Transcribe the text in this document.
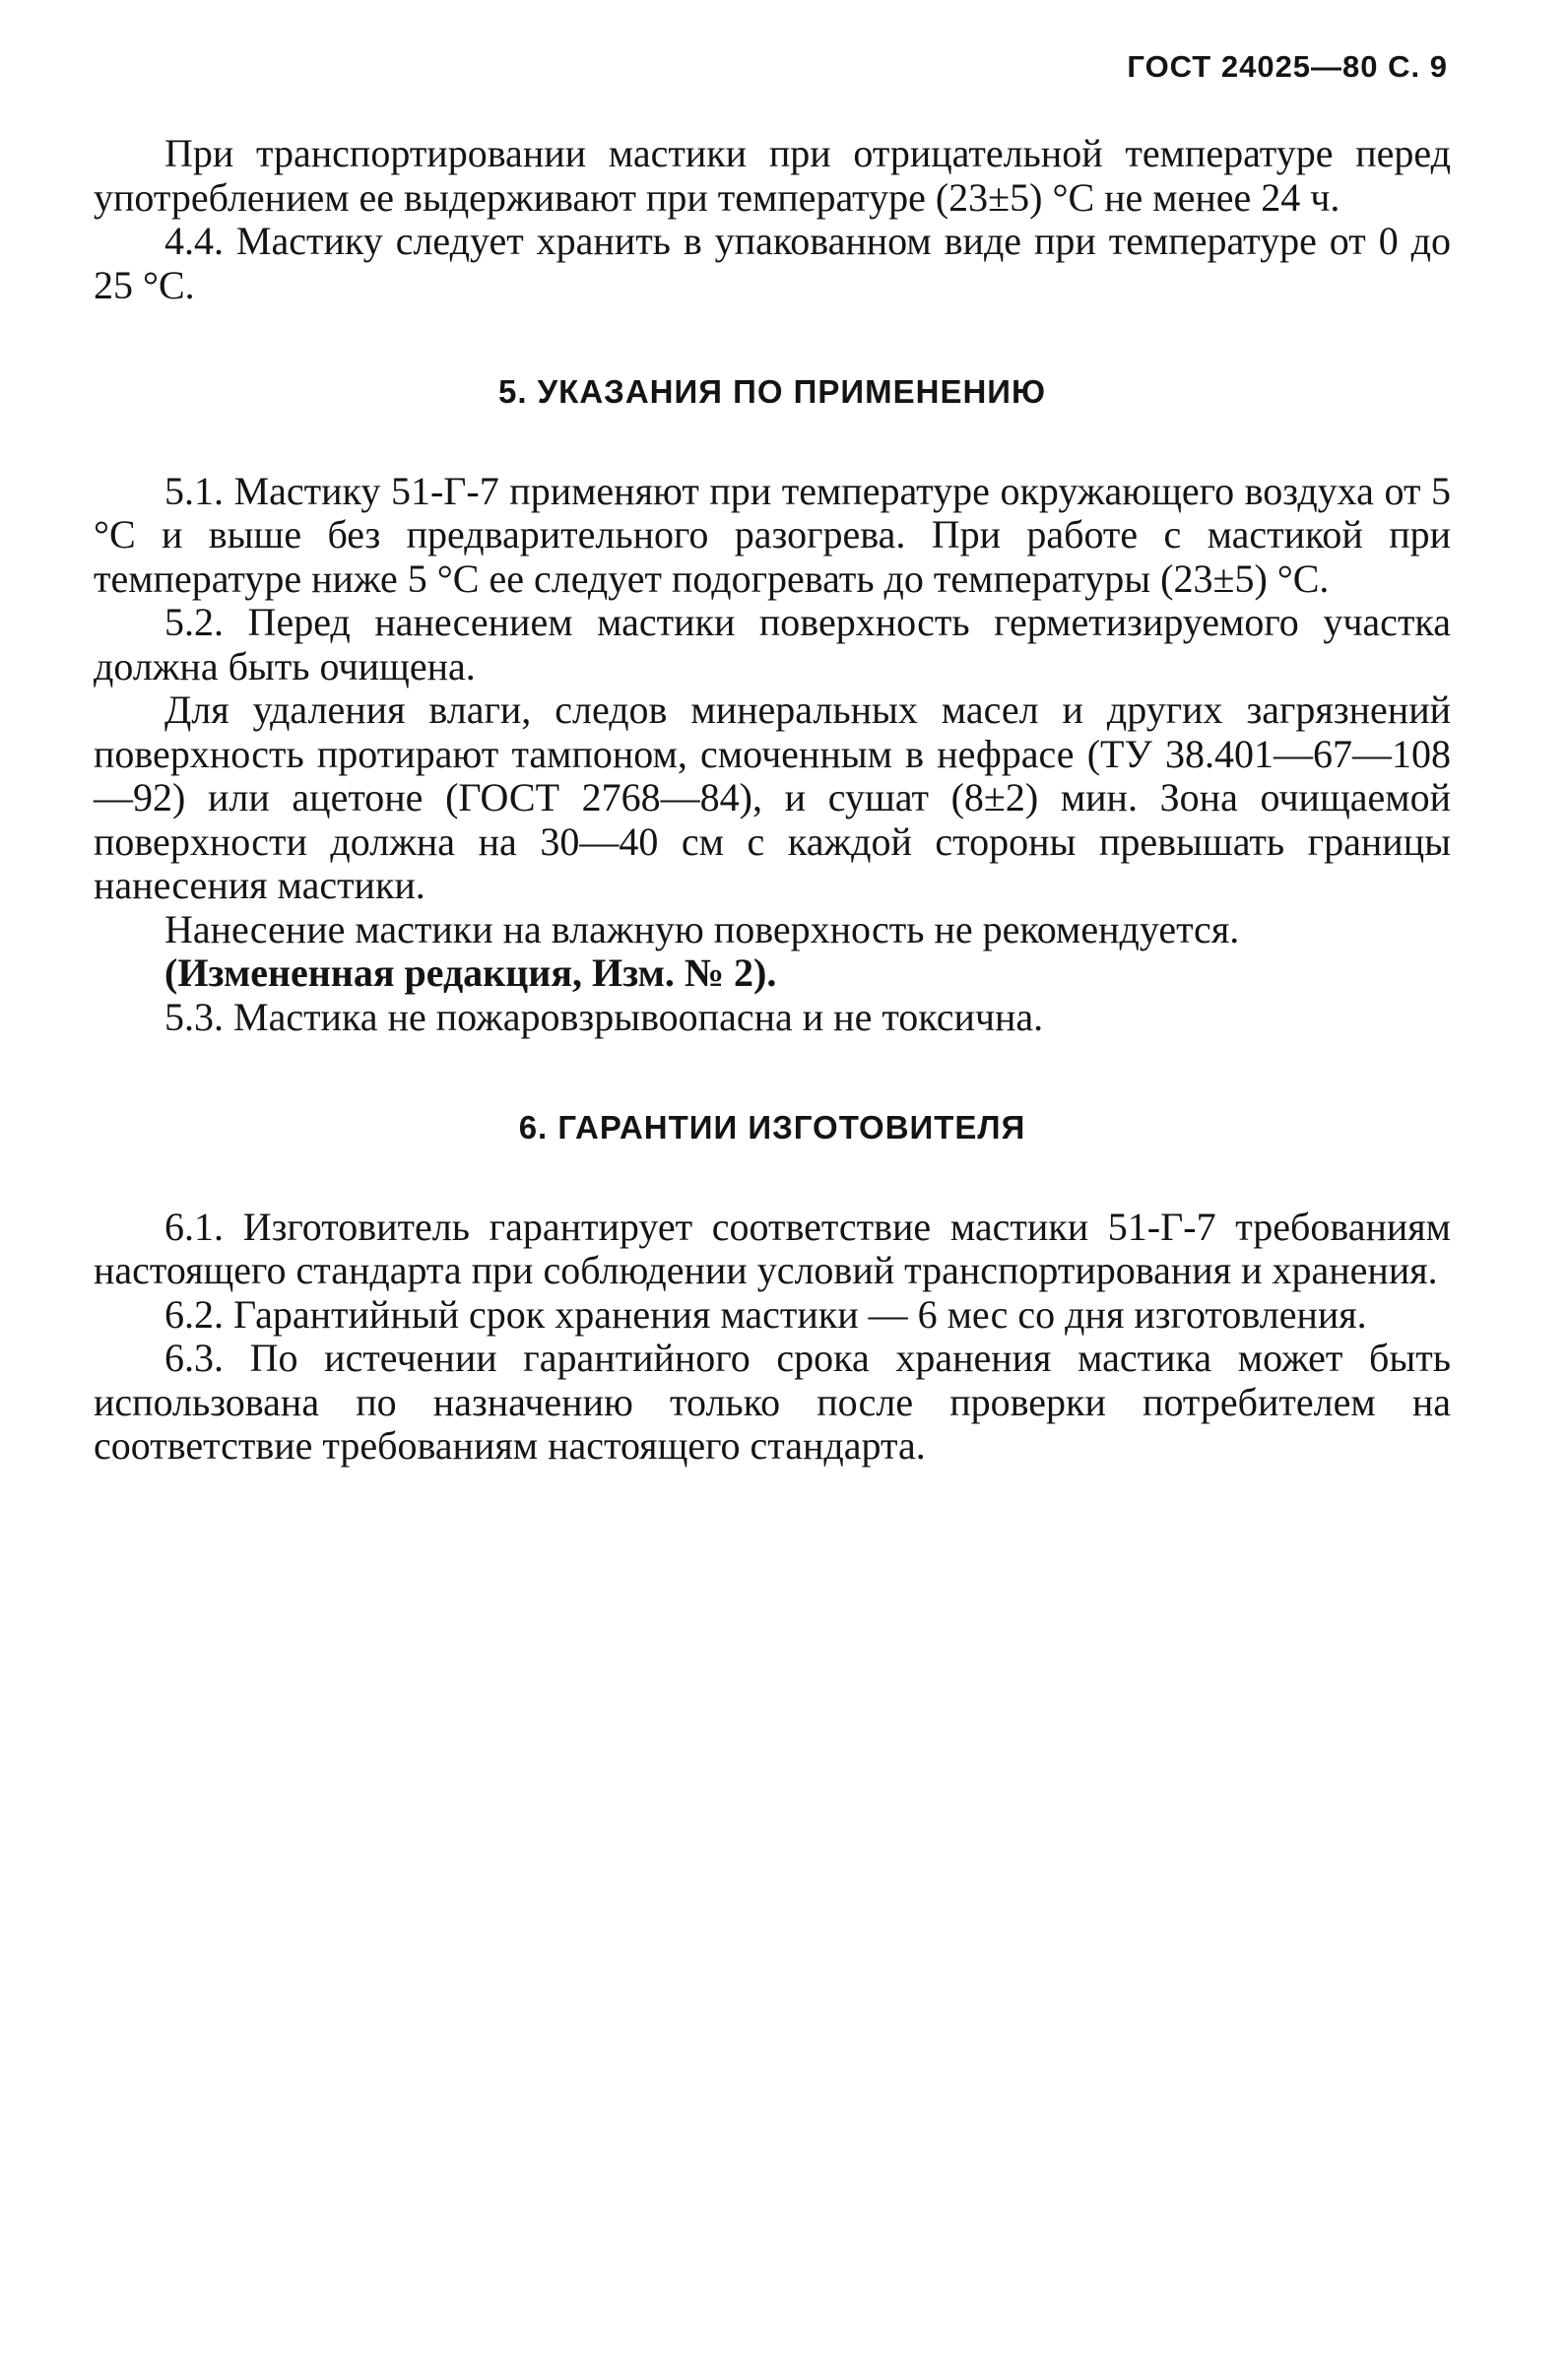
ГОСТ 24025—80 С. 9

При транспортировании мастики при отрицательной температуре перед употреблением ее выдерживают при температуре (23±5) °С не менее 24 ч.

4.4. Мастику следует хранить в упакованном виде при температуре от 0 до 25 °С.

5. УКАЗАНИЯ ПО ПРИМЕНЕНИЮ

5.1. Мастику 51-Г-7 применяют при температуре окружающего воздуха от 5 °С и выше без предварительного разогрева. При работе с мастикой при температуре ниже 5 °С ее следует подогревать до температуры (23±5) °С.

5.2. Перед нанесением мастики поверхность герметизируемого участка должна быть очищена.

Для удаления влаги, следов минеральных масел и других загрязнений поверхность протирают тампоном, смоченным в нефрасе (ТУ 38.401—67—108—92) или ацетоне (ГОСТ 2768—84), и сушат (8±2) мин. Зона очищаемой поверхности должна на 30—40 см с каждой стороны превышать границы нанесения мастики.

Нанесение мастики на влажную поверхность не рекомендуется.

(Измененная редакция, Изм. № 2).

5.3. Мастика не пожаровзрывоопасна и не токсична.

6. ГАРАНТИИ ИЗГОТОВИТЕЛЯ

6.1. Изготовитель гарантирует соответствие мастики 51-Г-7 требованиям настоящего стандарта при соблюдении условий транспортирования и хранения.

6.2. Гарантийный срок хранения мастики — 6 мес со дня изготовления.

6.3. По истечении гарантийного срока хранения мастика может быть использована по назначению только после проверки потребителем на соответствие требованиям настоящего стандарта.
